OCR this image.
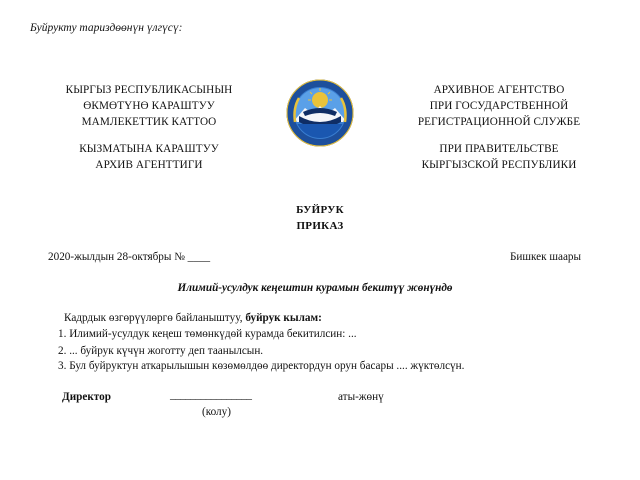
Буйрукту тариздөөнүн үлгүсү:
КЫРГЫЗ РЕСПУБЛИКАСЫНЫН
ӨКМӨТҮНӨ КАРАШТУУ
МАМЛЕКЕТТИК КАТТОО
КЫЗМАТЫНА КАРАШТУУ
АРХИВ АГЕНТТИГИ
АРХИВНОЕ АГЕНТСТВО
ПРИ ГОСУДАРСТВЕННОЙ
РЕГИСТРАЦИОННОЙ СЛУЖБЕ
ПРИ ПРАВИТЕЛЬСТВЕ
КЫРГЫЗСКОЙ РЕСПУБЛИКИ
БУЙРУК
ПРИКАЗ
2020-жылдын 28-октябры № ____	Бишкек шаары
Илимий-усулдук кеңештин курамын бекитүү жөнүндө
Кадрдык өзгөрүүлөргө байланыштуу, буйрук кылам:
1. Илимий-усулдук кеңеш төмөнкүдөй курамда бекитилсин: ...
2. ... буйрук күчүн жоготту деп таанылсын.
3. Бул буйруктун аткарылышын көзөмөлдөө директордун орун басары .... жүктөлсүн.
Директор	________________	аты-жөнү
(колу)
